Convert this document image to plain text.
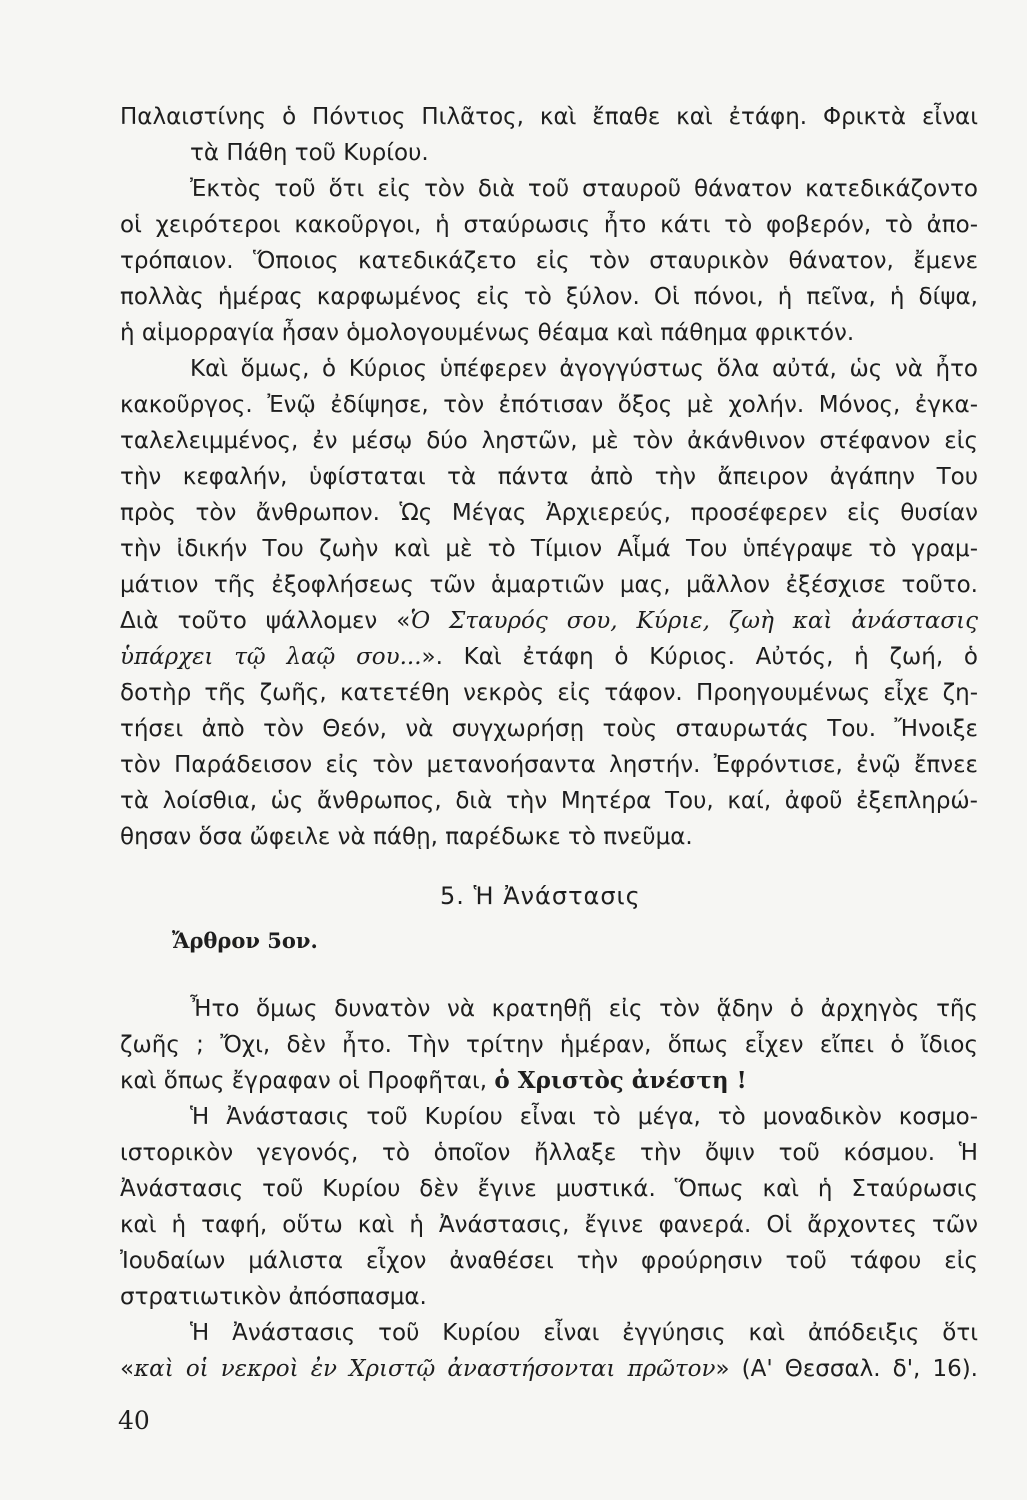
Παλαιστίνης ὁ Πόντιος Πιλᾶτος, καὶ ἔπαθε καὶ ἐτάφη. Φρικτὰ εἶναι

τὰ Πάθη τοῦ Κυρίου.

Ἐκτὸς τοῦ ὅτι εἰς τὸν διὰ τοῦ σταυροῦ θάνατον κατεδικάζοντο

οἱ χειρότεροι κακοῦργοι, ἡ σταύρωσις ἦτο κάτι τὸ φοβερόν, τὸ ἀπο-

τρόπαιον. Ὅποιος κατεδικάζετο εἰς τὸν σταυρικὸν θάνατον, ἔμενε

πολλὰς ἡμέρας καρφωμένος εἰς τὸ ξύλον. Οἱ πόνοι, ἡ πεῖνα, ἡ δίψα,

ἡ αἱμορραγία ἦσαν ὁμολογουμένως θέαμα καὶ πάθημα φρικτόν.

Καὶ ὅμως, ὁ Κύριος ὑπέφερεν ἀγογγύστως ὅλα αὐτά, ὡς νὰ ἦτο

κακοῦργος. Ἐνῷ ἐδίψησε, τὸν ἐπότισαν ὄξος μὲ χολήν. Μόνος, ἐγκα-

ταλελειμμένος, ἐν μέσῳ δύο ληστῶν, μὲ τὸν ἀκάνθινον στέφανον εἰς

τὴν κεφαλήν, ὑφίσταται τὰ πάντα ἀπὸ τὴν ἄπειρον ἀγάπην Του

πρὸς τὸν ἄνθρωπον. Ὡς Μέγας Ἀρχιερεύς, προσέφερεν εἰς θυσίαν

τὴν ἰδικήν Του ζωὴν καὶ μὲ τὸ Τίμιον Αἷμά Του ὑπέγραψε τὸ γραμ-

μάτιον τῆς ἐξοφλήσεως τῶν ἁμαρτιῶν μας, μᾶλλον ἐξέσχισε τοῦτο.

Διὰ τοῦτο ψάλλομεν «Ὁ Σταυρός σου, Κύριε, ζωὴ καὶ ἀνάστασις

ὑπάρχει τῷ λαῷ σου...». Καὶ ἐτάφη ὁ Κύριος. Αὐτός, ἡ ζωή, ὁ

δοτὴρ τῆς ζωῆς, κατετέθη νεκρὸς εἰς τάφον. Προηγουμένως εἶχε ζη-

τήσει ἀπὸ τὸν Θεόν, νὰ συγχωρήσῃ τοὺς σταυρωτάς Του. Ἤνοιξε

τὸν Παράδεισον εἰς τὸν μετανοήσαντα ληστήν. Ἐφρόντισε, ἐνῷ ἔπνεε

τὰ λοίσθια, ὡς ἄνθρωπος, διὰ τὴν Μητέρα Του, καί, ἀφοῦ ἐξεπληρώ-

θησαν ὅσα ὤφειλε νὰ πάθῃ, παρέδωκε τὸ πνεῦμα.

5. Ἡ Ἀνάστασις
Ἄρθρον 5ον.

Ἦτο ὅμως δυνατὸν νὰ κρατηθῇ εἰς τὸν ᾅδην ὁ ἀρχηγὸς τῆς

ζωῆς ; Ὄχι, δὲν ἦτο. Τὴν τρίτην ἡμέραν, ὅπως εἶχεν εἴπει ὁ ἴδιος

καὶ ὅπως ἔγραφαν οἱ Προφῆται, ὁ Χριστὸς ἀνέστη !

Ἡ Ἀνάστασις τοῦ Κυρίου εἶναι τὸ μέγα, τὸ μοναδικὸν κοσμο-

ιστορικὸν γεγονός, τὸ ὁποῖον ἤλλαξε τὴν ὄψιν τοῦ κόσμου. Ἡ

Ἀνάστασις τοῦ Κυρίου δὲν ἔγινε μυστικά. Ὅπως καὶ ἡ Σταύρωσις

καὶ ἡ ταφή, οὕτω καὶ ἡ Ἀνάστασις, ἔγινε φανερά. Οἱ ἄρχοντες τῶν

Ἰουδαίων μάλιστα εἶχον ἀναθέσει τὴν φρούρησιν τοῦ τάφου εἰς

στρατιωτικὸν ἀπόσπασμα.

Ἡ Ἀνάστασις τοῦ Κυρίου εἶναι ἐγγύησις καὶ ἀπόδειξις ὅτι

«καὶ οἱ νεκροὶ ἐν Χριστῷ ἀναστήσονται πρῶτον» (Α' Θεσσαλ. δ', 16).

40
